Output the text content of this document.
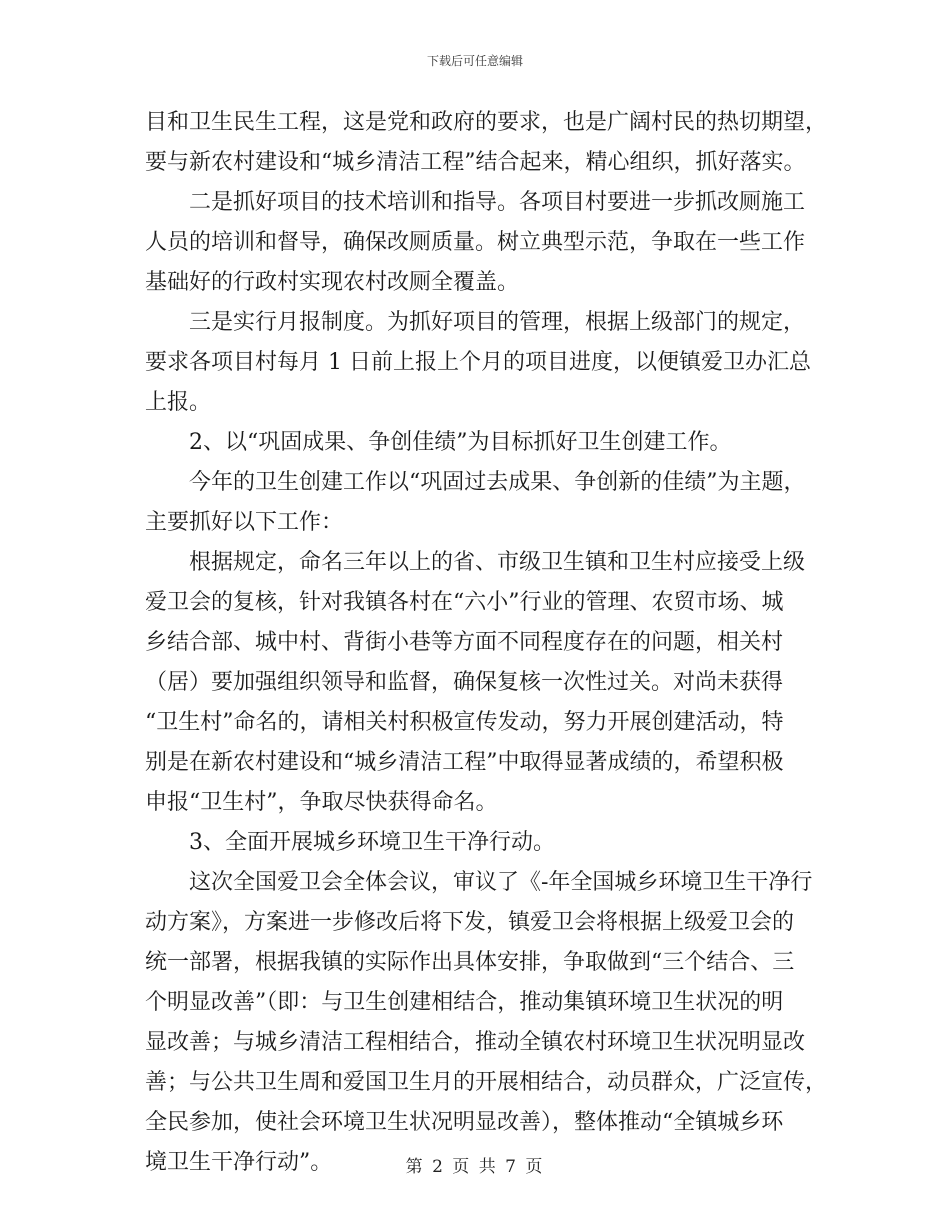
下载后可任意编辑
目和卫生民生工程，这是党和政府的要求，也是广阔村民的热切期望，
要与新农村建设和“城乡清洁工程”结合起来，精心组织，抓好落实。
二是抓好项目的技术培训和指导。各项目村要进一步抓改厕施工
人员的培训和督导，确保改厕质量。树立典型示范，争取在一些工作
基础好的行政村实现农村改厕全覆盖。
三是实行月报制度。为抓好项目的管理，根据上级部门的规定，
要求各项目村每月 1 日前上报上个月的项目进度，以便镇爱卫办汇总
上报。
2、以“巩固成果、争创佳绩”为目标抓好卫生创建工作。
今年的卫生创建工作以“巩固过去成果、争创新的佳绩”为主题，
主要抓好以下工作：
根据规定，命名三年以上的省、市级卫生镇和卫生村应接受上级
爱卫会的复核，针对我镇各村在“六小”行业的管理、农贸市场、城
乡结合部、城中村、背街小巷等方面不同程度存在的问题，相关村
（居）要加强组织领导和监督，确保复核一次性过关。对尚未获得
“卫生村”命名的，请相关村积极宣传发动，努力开展创建活动，特
别是在新农村建设和“城乡清洁工程”中取得显著成绩的，希望积极
申报“卫生村”，争取尽快获得命名。
3、全面开展城乡环境卫生干净行动。
这次全国爱卫会全体会议，审议了《-年全国城乡环境卫生干净行
动方案》，方案进一步修改后将下发，镇爱卫会将根据上级爱卫会的
统一部署，根据我镇的实际作出具体安排，争取做到“三个结合、三
个明显改善”（即：与卫生创建相结合，推动集镇环境卫生状况的明
显改善；与城乡清洁工程相结合，推动全镇农村环境卫生状况明显改
善；与公共卫生周和爱国卫生月的开展相结合，动员群众，广泛宣传，
全民参加，使社会环境卫生状况明显改善），整体推动“全镇城乡环
境卫生干净行动”。	第 2 页 共 7 页
